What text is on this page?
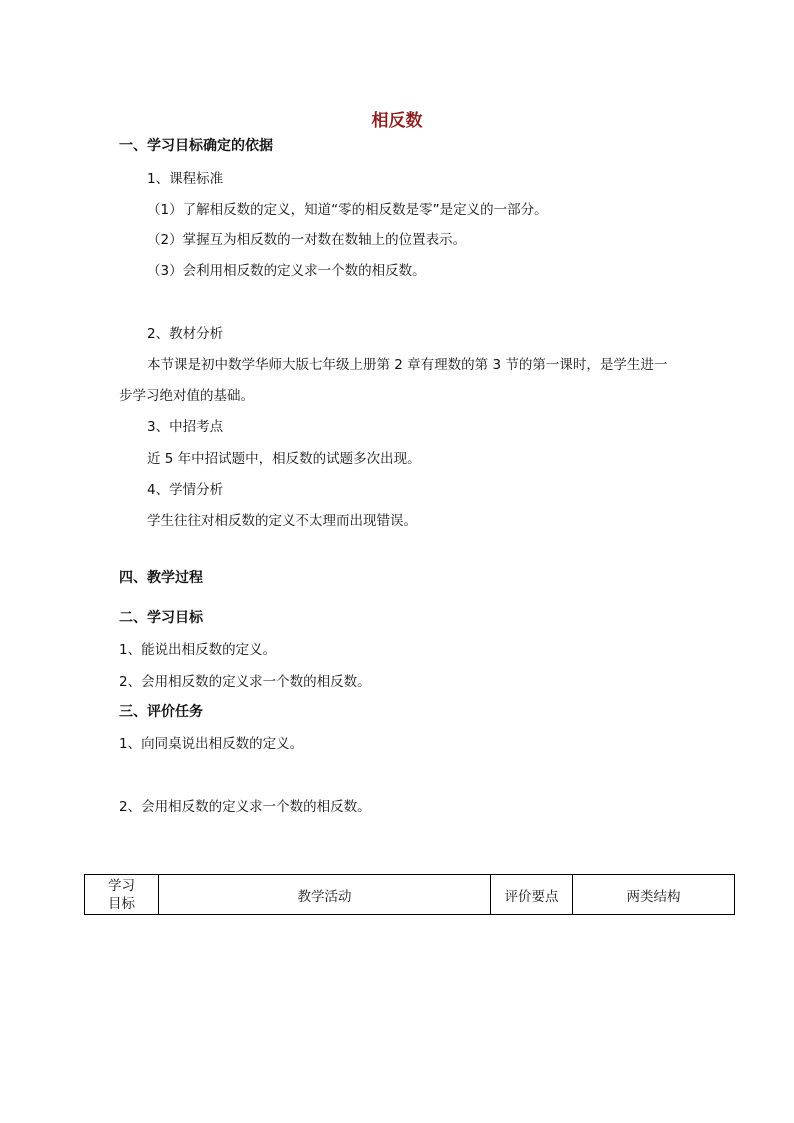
相反数
一、学习目标确定的依据
1、课程标准
（1）了解相反数的定义，知道“零的相反数是零”是定义的一部分。
（2）掌握互为相反数的一对数在数轴上的位置表示。
（3）会利用相反数的定义求一个数的相反数。
2、教材分析
本节课是初中数学华师大版七年级上册第 2 章有理数的第 3 节的第一课时，是学生进一
步学习绝对值的基础。
3、中招考点
近 5 年中招试题中，相反数的试题多次出现。
4、学情分析
学生往往对相反数的定义不太理而出现错误。
四、教学过程
二、学习目标
1、能说出相反数的定义。
2、会用相反数的定义求一个数的相反数。
三、评价任务
1、向同桌说出相反数的定义。
2、会用相反数的定义求一个数的相反数。
学习
目标	教学活动	评价要点	两类结构
